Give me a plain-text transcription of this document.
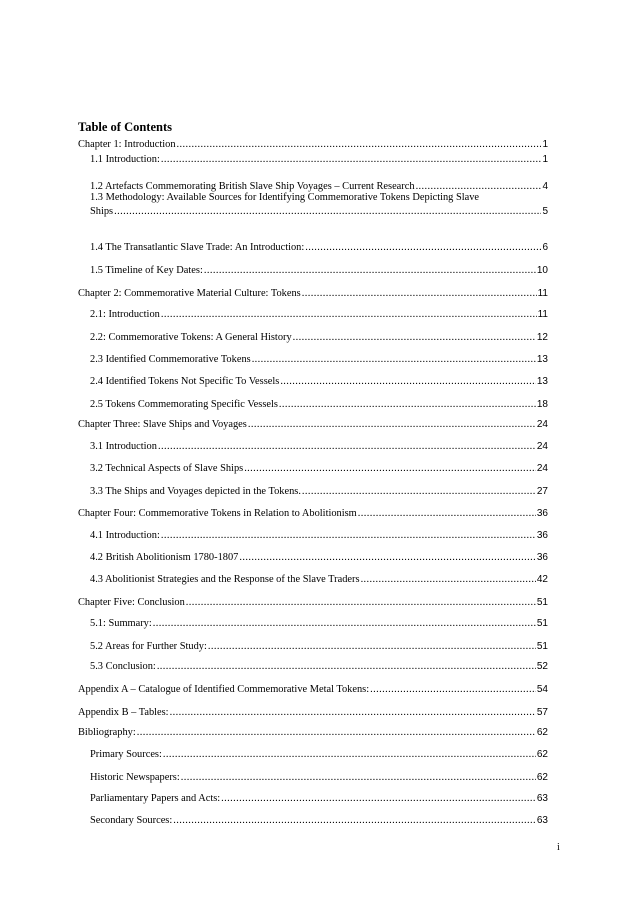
Table of Contents
Chapter 1: Introduction .....	1
1.1 Introduction: .....	1
1.2 Artefacts Commemorating British Slave Ship Voyages – Current Research .....	4
1.3 Methodology: Available Sources for Identifying Commemorative Tokens Depicting Slave
Ships .....	5
1.4 The Transatlantic Slave Trade: An Introduction: .....	6
1.5 Timeline of Key Dates: .....	10
Chapter 2: Commemorative Material Culture: Tokens .....	11
2.1: Introduction .....	11
2.2: Commemorative Tokens: A General History .....	12
2.3 Identified Commemorative Tokens .....	13
2.4 Identified Tokens Not Specific To Vessels .....	13
2.5 Tokens Commemorating Specific Vessels .....	18
Chapter Three: Slave Ships and Voyages .....	24
3.1 Introduction .....	24
3.2 Technical Aspects of Slave Ships .....	24
3.3 The Ships and Voyages depicted in the Tokens. .....	27
Chapter Four: Commemorative Tokens in Relation to Abolitionism .....	36
4.1 Introduction: .....	36
4.2 British Abolitionism 1780-1807 .....	36
4.3 Abolitionist Strategies and the Response of the Slave Traders .....	42
Chapter Five: Conclusion .....	51
5.1: Summary: .....	51
5.2 Areas for Further Study: .....	51
5.3 Conclusion: .....	52
Appendix A – Catalogue of Identified Commemorative Metal Tokens: .....	54
Appendix B – Tables: .....	57
Bibliography: .....	62
Primary Sources: .....	62
Historic Newspapers: .....	62
Parliamentary Papers and Acts: .....	63
Secondary Sources: .....	63
i
